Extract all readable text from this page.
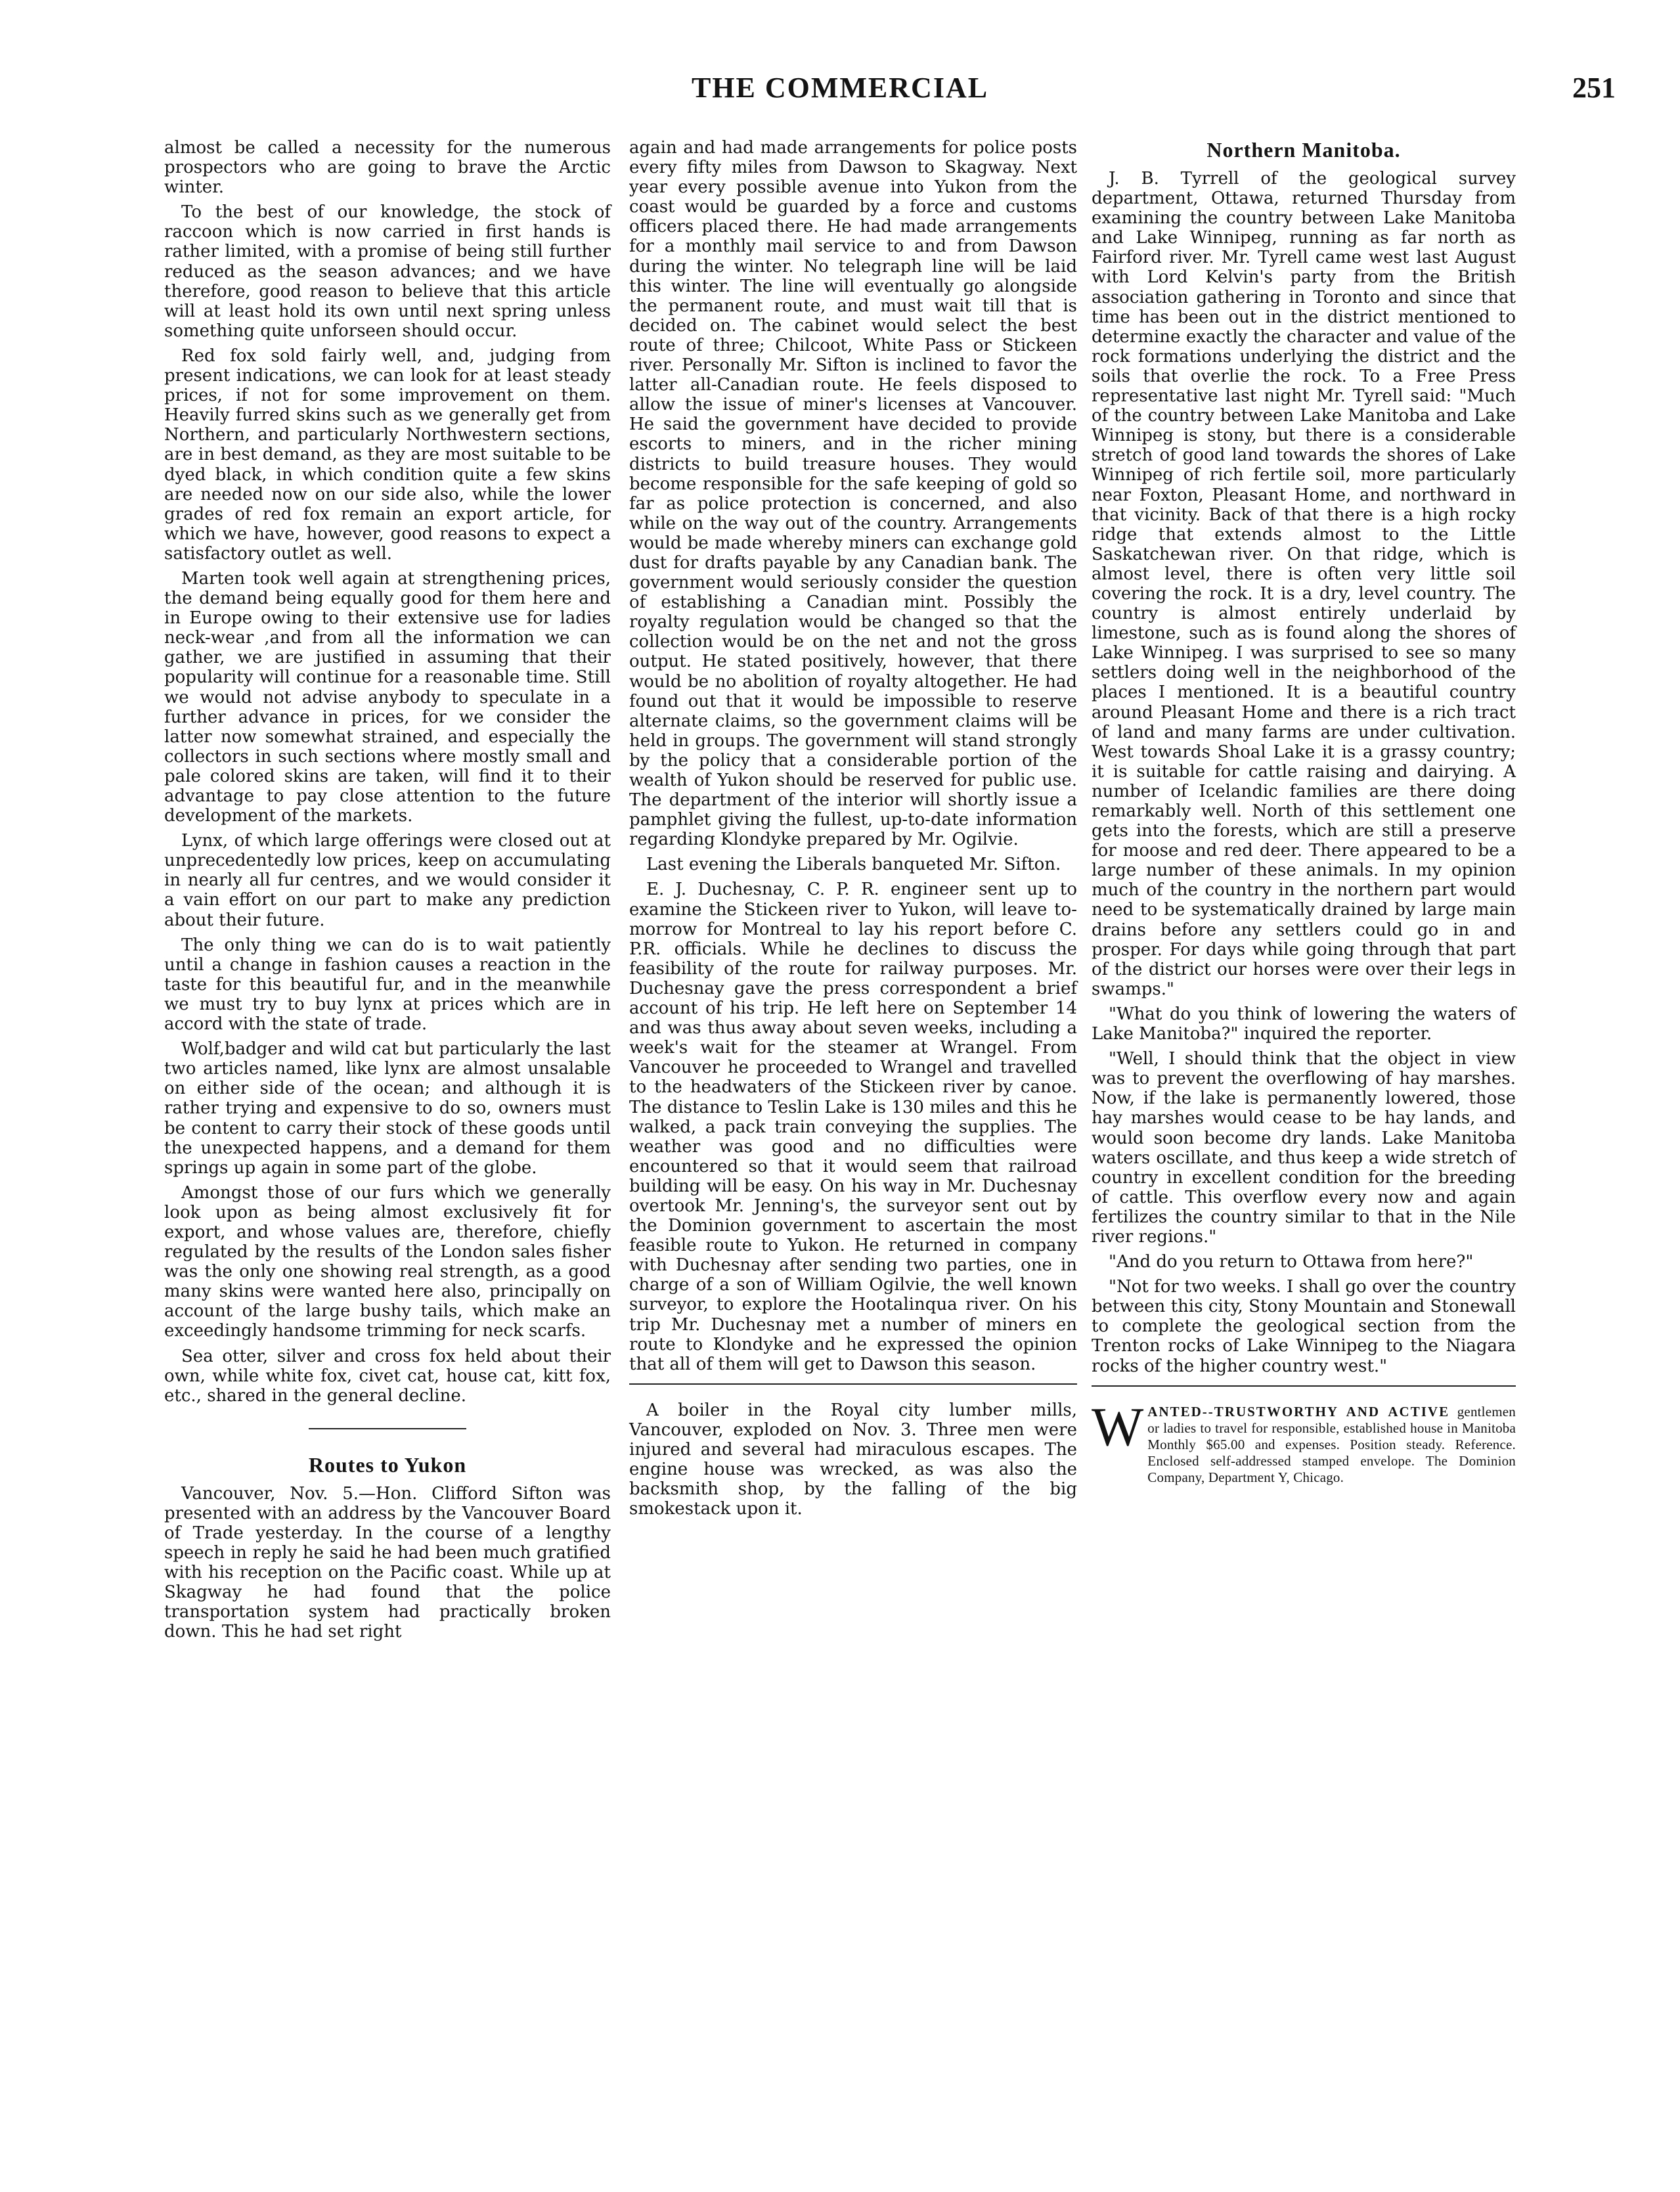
THE COMMERCIAL	251

almost be called a necessity for the numerous prospectors who are going to brave the Arctic winter.

To the best of our knowledge, the stock of raccoon which is now carried in first hands is rather limited, with a promise of being still further reduced as the season advances; and we have therefore, good reason to believe that this article will at least hold its own until next spring unless something quite unforseen should occur.

Red fox sold fairly well, and, judging from present indications, we can look for at least steady prices, if not for some improvement on them. Heavily furred skins such as we generally get from Northern, and particularly Northwestern sections, are in best demand, as they are most suitable to be dyed black, in which condition quite a few skins are needed now on our side also, while the lower grades of red fox remain an export article, for which we have, however, good reasons to expect a satisfactory outlet as well.

Marten took well again at strengthening prices, the demand being equally good for them here and in Europe owing to their extensive use for ladies neck-wear ,and from all the information we can gather, we are justified in assuming that their popularity will continue for a reasonable time. Still we would not advise anybody to speculate in a further advance in prices, for we consider the latter now somewhat strained, and especially the collectors in such sections where mostly small and pale colored skins are taken, will find it to their advantage to pay close attention to the future development of the markets.

Lynx, of which large offerings were closed out at unprecedentedly low prices, keep on accumulating in nearly all fur centres, and we would consider it a vain effort on our part to make any prediction about their future.

The only thing we can do is to wait patiently until a change in fashion causes a reaction in the taste for this beautiful fur, and in the meanwhile we must try to buy lynx at prices which are in accord with the state of trade.

Wolf,badger and wild cat but particularly the last two articles named, like lynx are almost unsalable on either side of the ocean; and although it is rather trying and expensive to do so, owners must be content to carry their stock of these goods until the unexpected happens, and a demand for them springs up again in some part of the globe.

Amongst those of our furs which we generally look upon as being almost exclusively fit for export, and whose values are, therefore, chiefly regulated by the results of the London sales fisher was the only one showing real strength, as a good many skins were wanted here also, principally on account of the large bushy tails, which make an exceedingly handsome trimming for neck scarfs.

Sea otter, silver and cross fox held about their own, while white fox, civet cat, house cat, kitt fox, etc., shared in the general decline.

Routes to Yukon

Vancouver, Nov. 5.—Hon. Clifford Sifton was presented with an address by the Vancouver Board of Trade yesterday. In the course of a lengthy speech in reply he said he had been much gratified with his reception on the Pacific coast. While up at Skagway he had found that the police transportation system had practically broken down. This he had set right

again and had made arrangements for police posts every fifty miles from Dawson to Skagway. Next year every possible avenue into Yukon from the coast would be guarded by a force and customs officers placed there. He had made arrangements for a monthly mail service to and from Dawson during the winter. No telegraph line will be laid this winter. The line will eventually go alongside the permanent route, and must wait till that is decided on. The cabinet would select the best route of three; Chilcoot, White Pass or Stickeen river. Personally Mr. Sifton is inclined to favor the latter all-Canadian route. He feels disposed to allow the issue of miner's licenses at Vancouver. He said the government have decided to provide escorts to miners, and in the richer mining districts to build treasure houses. They would become responsible for the safe keeping of gold so far as police protection is concerned, and also while on the way out of the country. Arrangements would be made whereby miners can exchange gold dust for drafts payable by any Canadian bank. The government would seriously consider the question of establishing a Canadian mint. Possibly the royalty regulation would be changed so that the collection would be on the net and not the gross output. He stated positively, however, that there would be no abolition of royalty altogether. He had found out that it would be impossible to reserve alternate claims, so the government claims will be held in groups. The government will stand strongly by the policy that a considerable portion of the wealth of Yukon should be reserved for public use. The department of the interior will shortly issue a pamphlet giving the fullest, up-to-date information regarding Klondyke prepared by Mr. Ogilvie.

Last evening the Liberals banqueted Mr. Sifton.

E. J. Duchesnay, C. P. R. engineer sent up to examine the Stickeen river to Yukon, will leave to-morrow for Montreal to lay his report before C. P.R. officials. While he declines to discuss the feasibility of the route for railway purposes. Mr. Duchesnay gave the press correspondent a brief account of his trip. He left here on September 14 and was thus away about seven weeks, including a week's wait for the steamer at Wrangel. From Vancouver he proceeded to Wrangel and travelled to the headwaters of the Stickeen river by canoe. The distance to Teslin Lake is 130 miles and this he walked, a pack train conveying the supplies. The weather was good and no difficulties were encountered so that it would seem that railroad building will be easy. On his way in Mr. Duchesnay overtook Mr. Jenning's, the surveyor sent out by the Dominion government to ascertain the most feasible route to Yukon. He returned in company with Duchesnay after sending two parties, one in charge of a son of William Ogilvie, the well known surveyor, to explore the Hootalinqua river. On his trip Mr. Duchesnay met a number of miners en route to Klondyke and he expressed the opinion that all of them will get to Dawson this season.

A boiler in the Royal city lumber mills, Vancouver, exploded on Nov. 3. Three men were injured and several had miraculous escapes. The engine house was wrecked, as was also the backsmith shop, by the falling of the big smokestack upon it.

Northern Manitoba.

J. B. Tyrrell of the geological survey department, Ottawa, returned Thursday from examining the country between Lake Manitoba and Lake Winnipeg, running as far north as Fairford river. Mr. Tyrell came west last August with Lord Kelvin's party from the British association gathering in Toronto and since that time has been out in the district mentioned to determine exactly the character and value of the rock formations underlying the district and the soils that overlie the rock. To a Free Press representative last night Mr. Tyrell said: "Much of the country between Lake Manitoba and Lake Winnipeg is stony, but there is a considerable stretch of good land towards the shores of Lake Winnipeg of rich fertile soil, more particularly near Foxton, Pleasant Home, and northward in that vicinity. Back of that there is a high rocky ridge that extends almost to the Little Saskatchewan river. On that ridge, which is almost level, there is often very little soil covering the rock. It is a dry, level country. The country is almost entirely underlaid by limestone, such as is found along the shores of Lake Winnipeg. I was surprised to see so many settlers doing well in the neighborhood of the places I mentioned. It is a beautiful country around Pleasant Home and there is a rich tract of land and many farms are under cultivation. West towards Shoal Lake it is a grassy country; it is suitable for cattle raising and dairying. A number of Icelandic families are there doing remarkably well. North of this settlement one gets into the forests, which are still a preserve for moose and red deer. There appeared to be a large number of these animals. In my opinion much of the country in the northern part would need to be systematically drained by large main drains before any settlers could go in and prosper. For days while going through that part of the district our horses were over their legs in swamps."

"What do you think of lowering the waters of Lake Manitoba?" inquired the reporter.

"Well, I should think that the object in view was to prevent the overflowing of hay marshes. Now, if the lake is permanently lowered, those hay marshes would cease to be hay lands, and would soon become dry lands. Lake Manitoba waters oscillate, and thus keep a wide stretch of country in excellent condition for the breeding of cattle. This overflow every now and again fertilizes the country similar to that in the Nile river regions."

"And do you return to Ottawa from here?"

"Not for two weeks. I shall go over the country between this city, Stony Mountain and Stonewall to complete the geological section from the Trenton rocks of Lake Winnipeg to the Niagara rocks of the higher country west."

W ANTED--TRUSTWORTHY AND ACTIVE gentlemen or ladies to travel for responsible, established house in Manitoba Monthly $65.00 and expenses. Position steady. Reference. Enclosed self-addressed stamped envelope. The Dominion Company, Department Y, Chicago.
